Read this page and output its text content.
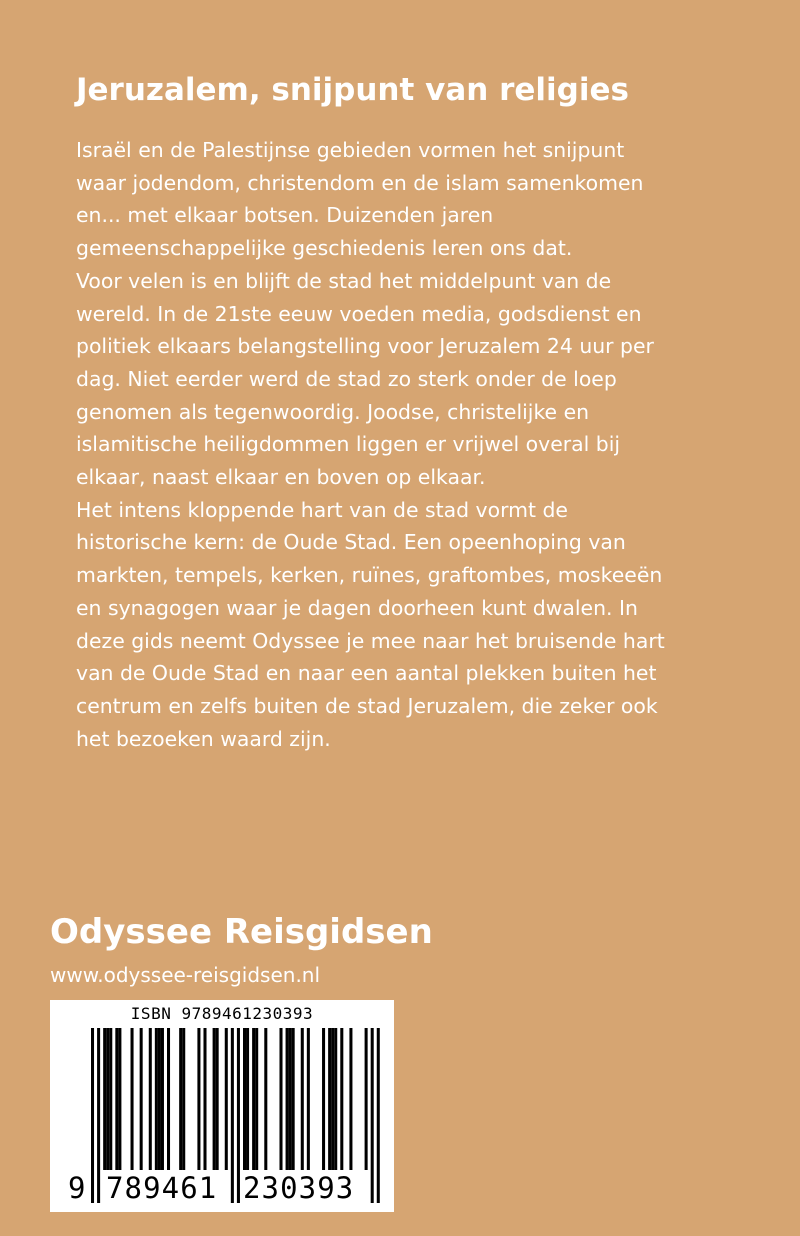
Jeruzalem, snijpunt van religies
Israël en de Palestijnse gebieden vormen het snijpunt
waar jodendom, christendom en de islam samenkomen
en... met elkaar botsen. Duizenden jaren
gemeenschappelijke geschiedenis leren ons dat.
Voor velen is en blijft de stad het middelpunt van de
wereld. In de 21ste eeuw voeden media, godsdienst en
politiek elkaars belangstelling voor Jeruzalem 24 uur per
dag. Niet eerder werd de stad zo sterk onder de loep
genomen als tegenwoordig. Joodse, christelijke en
islamitische heiligdommen liggen er vrijwel overal bij
elkaar, naast elkaar en boven op elkaar.
Het intens kloppende hart van de stad vormt de
historische kern: de Oude Stad. Een opeenhoping van
markten, tempels, kerken, ruïnes, graftombes, moskeeën
en synagogen waar je dagen doorheen kunt dwalen. In
deze gids neemt Odyssee je mee naar het bruisende hart
van de Oude Stad en naar een aantal plekken buiten het
centrum en zelfs buiten de stad Jeruzalem, die zeker ook
het bezoeken waard zijn.
Odyssee Reisgidsen
www.odyssee-reisgidsen.nl
ISBN 9789461230393
9 789461 230393
